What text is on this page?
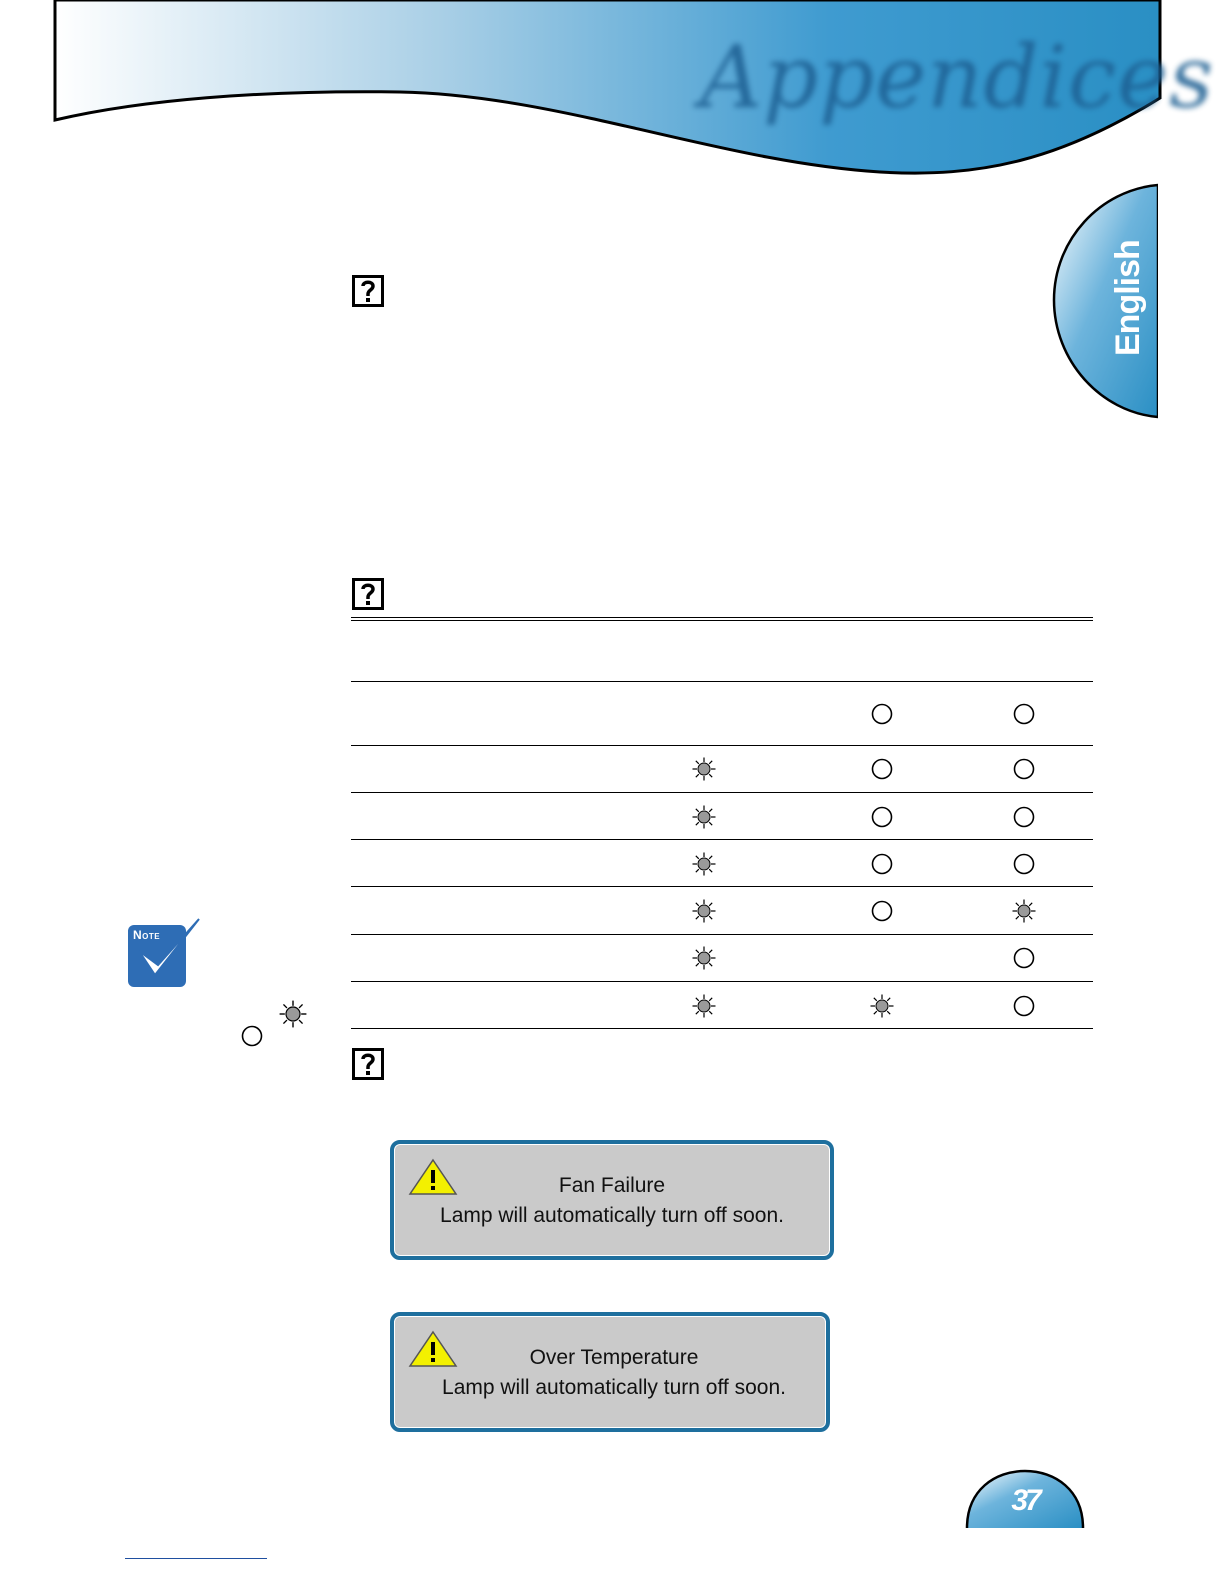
Appendices
English
Note
Fan Failure
Lamp will automatically turn off soon.
Over Temperature
Lamp will automatically turn off soon.
37
